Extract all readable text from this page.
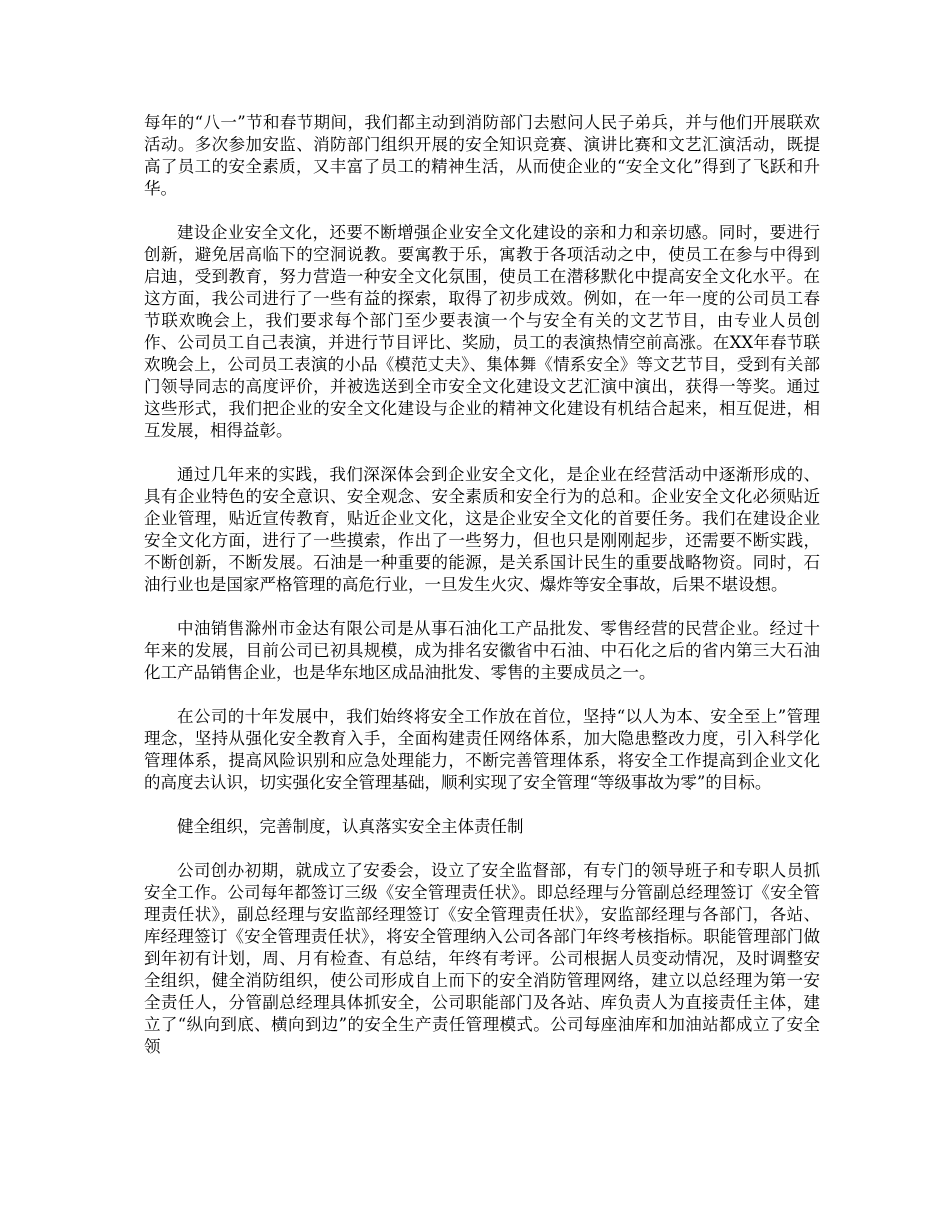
每年的“八一”节和春节期间，我们都主动到消防部门去慰问人民子弟兵，并与他们开展联欢活动。多次参加安监、消防部门组织开展的安全知识竞赛、演讲比赛和文艺汇演活动，既提高了员工的安全素质，又丰富了员工的精神生活，从而使企业的“安全文化”得到了飞跃和升华。

建设企业安全文化，还要不断增强企业安全文化建设的亲和力和亲切感。同时，要进行创新，避免居高临下的空洞说教。要寓教于乐，寓教于各项活动之中，使员工在参与中得到启迪，受到教育，努力营造一种安全文化氛围，使员工在潜移默化中提高安全文化水平。在这方面，我公司进行了一些有益的探索，取得了初步成效。例如，在一年一度的公司员工春节联欢晚会上，我们要求每个部门至少要表演一个与安全有关的文艺节目，由专业人员创作、公司员工自己表演，并进行节目评比、奖励，员工的表演热情空前高涨。在XX年春节联欢晚会上，公司员工表演的小品《模范丈夫》、集体舞《情系安全》等文艺节目，受到有关部门领导同志的高度评价，并被选送到全市安全文化建设文艺汇演中演出，获得一等奖。通过这些形式，我们把企业的安全文化建设与企业的精神文化建设有机结合起来，相互促进，相互发展，相得益彰。

通过几年来的实践，我们深深体会到企业安全文化，是企业在经营活动中逐渐形成的、具有企业特色的安全意识、安全观念、安全素质和安全行为的总和。企业安全文化必须贴近企业管理，贴近宣传教育，贴近企业文化，这是企业安全文化的首要任务。我们在建设企业安全文化方面，进行了一些摸索，作出了一些努力，但也只是刚刚起步，还需要不断实践，不断创新，不断发展。石油是一种重要的能源，是关系国计民生的重要战略物资。同时，石油行业也是国家严格管理的高危行业，一旦发生火灾、爆炸等安全事故，后果不堪设想。

中油销售滁州市金达有限公司是从事石油化工产品批发、零售经营的民营企业。经过十年来的发展，目前公司已初具规模，成为排名安徽省中石油、中石化之后的省内第三大石油化工产品销售企业，也是华东地区成品油批发、零售的主要成员之一。

在公司的十年发展中，我们始终将安全工作放在首位，坚持“以人为本、安全至上”管理理念，坚持从强化安全教育入手，全面构建责任网络体系，加大隐患整改力度，引入科学化管理体系，提高风险识别和应急处理能力，不断完善管理体系，将安全工作提高到企业文化的高度去认识，切实强化安全管理基础，顺利实现了安全管理“等级事故为零”的目标。

健全组织，完善制度，认真落实安全主体责任制

公司创办初期，就成立了安委会，设立了安全监督部，有专门的领导班子和专职人员抓安全工作。公司每年都签订三级《安全管理责任状》。即总经理与分管副总经理签订《安全管理责任状》，副总经理与安监部经理签订《安全管理责任状》，安监部经理与各部门，各站、库经理签订《安全管理责任状》，将安全管理纳入公司各部门年终考核指标。职能管理部门做到年初有计划，周、月有检查、有总结，年终有考评。公司根据人员变动情况，及时调整安全组织，健全消防组织，使公司形成自上而下的安全消防管理网络，建立以总经理为第一安全责任人，分管副总经理具体抓安全，公司职能部门及各站、库负责人为直接责任主体，建立了“纵向到底、横向到边”的安全生产责任管理模式。公司每座油库和加油站都成立了安全领
